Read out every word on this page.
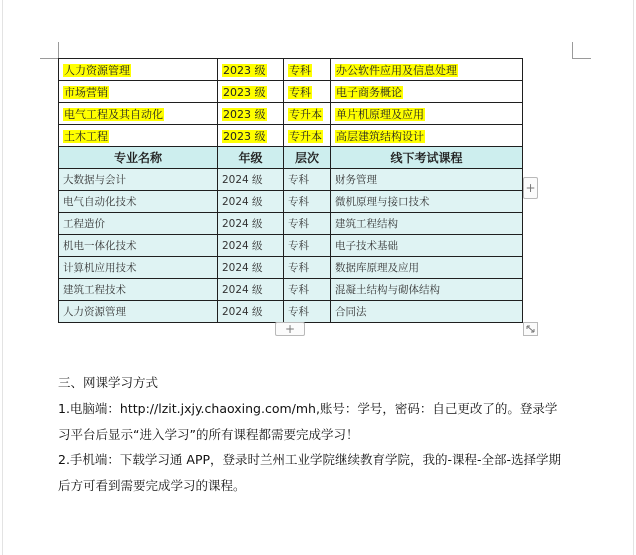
人力资源管理	2023 级	专科	办公软件应用及信息处理
市场营销	2023 级	专科	电子商务概论
电气工程及其自动化	2023 级	专升本	单片机原理及应用
土木工程	2023 级	专升本	高层建筑结构设计
专业名称	年级	层次	线下考试课程
大数据与会计	2024 级	专科	财务管理
电气自动化技术	2024 级	专科	微机原理与接口技术
工程造价	2024 级	专科	建筑工程结构
机电一体化技术	2024 级	专科	电子技术基础
计算机应用技术	2024 级	专科	数据库原理及应用
建筑工程技术	2024 级	专科	混凝土结构与砌体结构
人力资源管理	2024 级	专科	合同法
+
+
三、网课学习方式
1.电脑端：http://lzit.jxjy.chaoxing.com/mh,账号：学号，密码：自己更改了的。登录学
习平台后显示“进入学习”的所有课程都需要完成学习！
2.手机端：下载学习通 APP，登录时兰州工业学院继续教育学院，我的-课程-全部-选择学期
后方可看到需要完成学习的课程。
